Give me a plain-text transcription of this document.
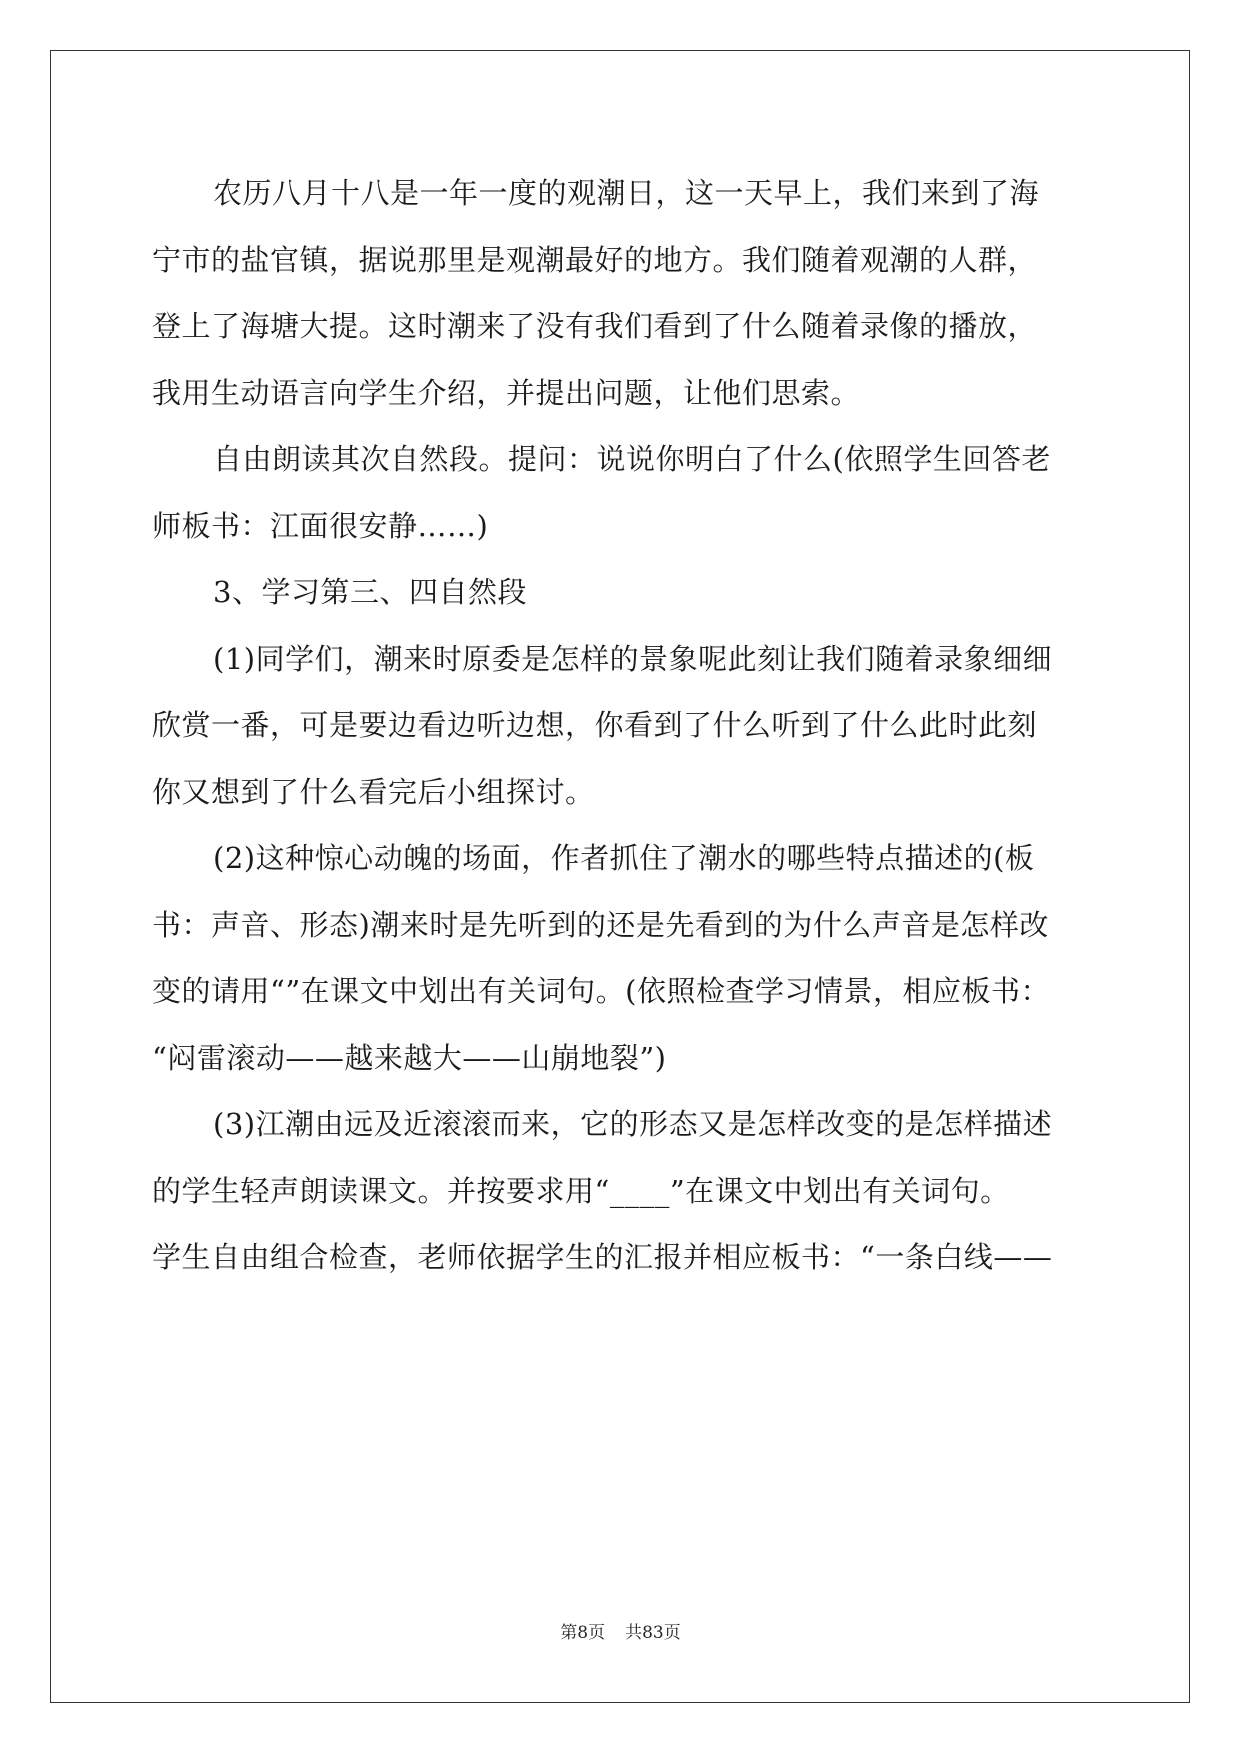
农历八月十八是一年一度的观潮日，这一天早上，我们来到了海
宁市的盐官镇，据说那里是观潮最好的地方。我们随着观潮的人群，
登上了海塘大提。这时潮来了没有我们看到了什么随着录像的播放，
我用生动语言向学生介绍，并提出问题，让他们思索。
自由朗读其次自然段。提问：说说你明白了什么(依照学生回答老
师板书：江面很安静……)
3、学习第三、四自然段
(1)同学们，潮来时原委是怎样的景象呢此刻让我们随着录象细细
欣赏一番，可是要边看边听边想，你看到了什么听到了什么此时此刻
你又想到了什么看完后小组探讨。
(2)这种惊心动魄的场面，作者抓住了潮水的哪些特点描述的(板
书：声音、形态)潮来时是先听到的还是先看到的为什么声音是怎样改
变的请用“”在课文中划出有关词句。(依照检查学习情景，相应板书：
“闷雷滚动——越来越大——山崩地裂”)
(3)江潮由远及近滚滚而来，它的形态又是怎样改变的是怎样描述
的学生轻声朗读课文。并按要求用“____”在课文中划出有关词句。
学生自由组合检查，老师依据学生的汇报并相应板书：“一条白线——
第8页 共83页
